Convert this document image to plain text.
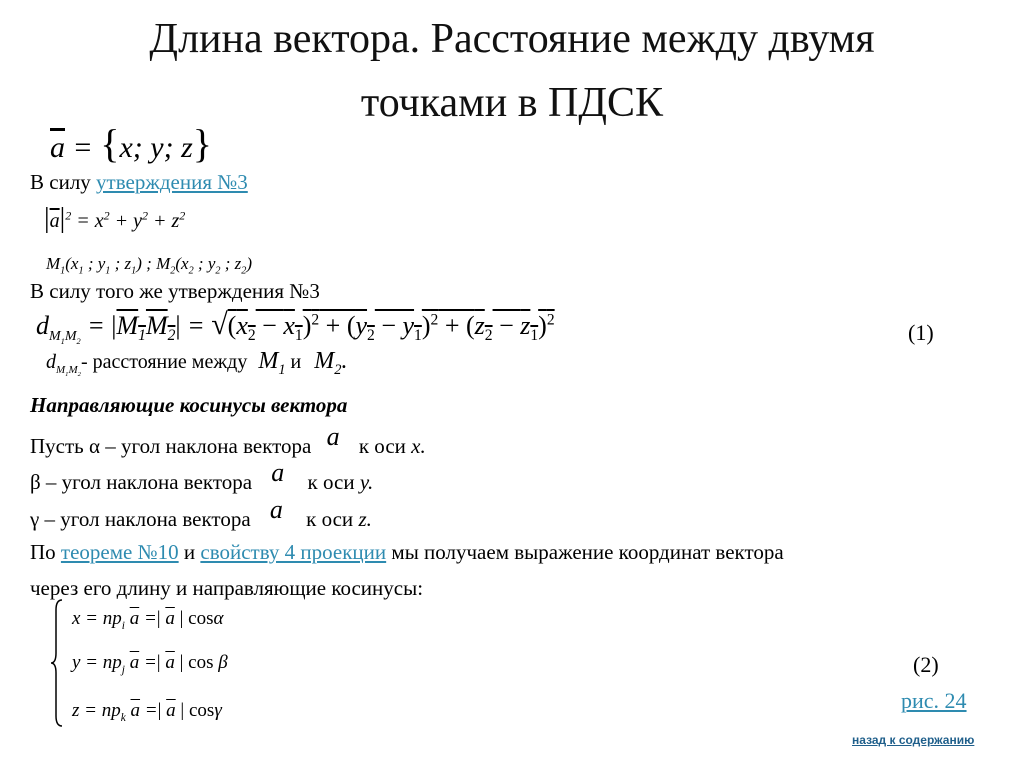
Длина вектора. Расстояние между двумя
точками в ПДСК
$\overline{a} = \{x$; y; z}
В силу утверждения №3
$|\overline{a}|^2 = x^2 + y^2 + z^2$
$M_1(x_1$ ; $y_1$ ; $z_1$) ; $M_2(x_2$ ; $y_2$ ; $z_2$)
В силу того же утверждения №3
$d_{M_1M_2} = |M_1M_2| = √(x_2 - x_1)^2 + (y_2 - y_1)^2 + (z_2 - z_1)^2$
(1)
$d_{M_1M_2}-$ расстояние между $M_1$ и $M_2$.
Направляющие косинусы вектора
Пусть α – угол наклона вектора a к оси x.
β – угол наклона вектора a к оси y.
γ – угол наклона вектора a к оси z.
По теореме №10 и свойству 4 проекции мы получаем выражение координат вектора
через его длину и направляющие косинусы:
$x = np_i$ $\overline{a}$ =| $\overline{a}$ | cosα
$y = np_j$ $\overline{a}$ =| $\overline{a}$ | cos β
$z = np_k$ $\overline{a}$ =| $\overline{a}$ | cosγ
(2)
рис. 24
назад к содержанию
